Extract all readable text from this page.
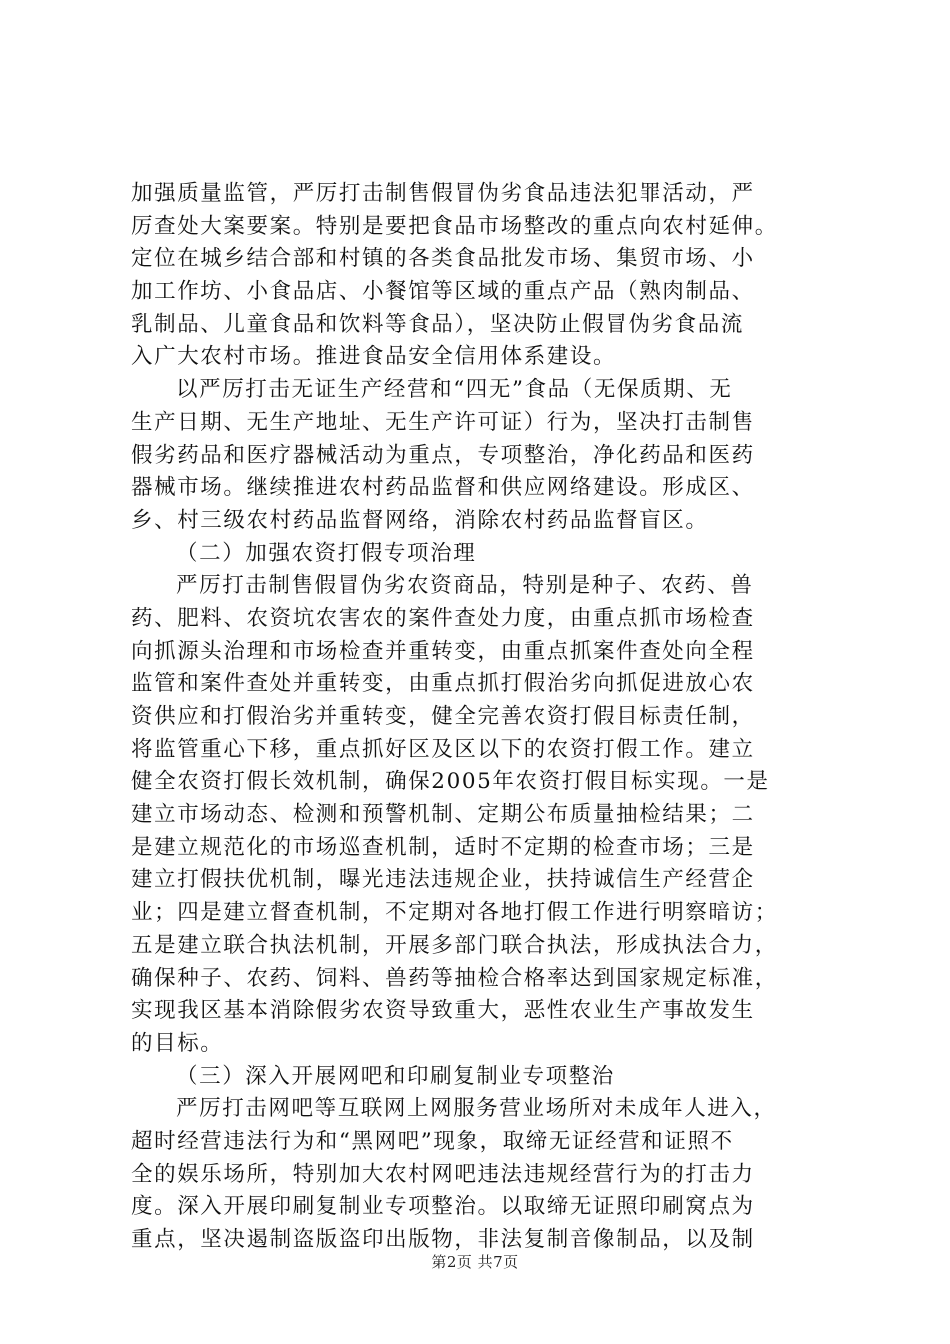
加强质量监管，严厉打击制售假冒伪劣食品违法犯罪活动，严
厉查处大案要案。特别是要把食品市场整改的重点向农村延伸。
定位在城乡结合部和村镇的各类食品批发市场、集贸市场、小
加工作坊、小食品店、小餐馆等区域的重点产品（熟肉制品、
乳制品、儿童食品和饮料等食品），坚决防止假冒伪劣食品流
入广大农村市场。推进食品安全信用体系建设。
以严厉打击无证生产经营和“四无”食品（无保质期、无
生产日期、无生产地址、无生产许可证）行为，坚决打击制售
假劣药品和医疗器械活动为重点，专项整治，净化药品和医药
器械市场。继续推进农村药品监督和供应网络建设。形成区、
乡、村三级农村药品监督网络，消除农村药品监督盲区。
（二）加强农资打假专项治理
严厉打击制售假冒伪劣农资商品，特别是种子、农药、兽
药、肥料、农资坑农害农的案件查处力度，由重点抓市场检查
向抓源头治理和市场检查并重转变，由重点抓案件查处向全程
监管和案件查处并重转变，由重点抓打假治劣向抓促进放心农
资供应和打假治劣并重转变，健全完善农资打假目标责任制，
将监管重心下移，重点抓好区及区以下的农资打假工作。建立
健全农资打假长效机制，确保2005年农资打假目标实现。一是
建立市场动态、检测和预警机制、定期公布质量抽检结果；二
是建立规范化的市场巡查机制，适时不定期的检查市场；三是
建立打假扶优机制，曝光违法违规企业，扶持诚信生产经营企
业；四是建立督查机制，不定期对各地打假工作进行明察暗访；
五是建立联合执法机制，开展多部门联合执法，形成执法合力，
确保种子、农药、饲料、兽药等抽检合格率达到国家规定标准，
实现我区基本消除假劣农资导致重大，恶性农业生产事故发生
的目标。
（三）深入开展网吧和印刷复制业专项整治
严厉打击网吧等互联网上网服务营业场所对未成年人进入，
超时经营违法行为和“黑网吧”现象，取缔无证经营和证照不
全的娱乐场所，特别加大农村网吧违法违规经营行为的打击力
度。深入开展印刷复制业专项整治。以取缔无证照印刷窝点为
重点，坚决遏制盗版盗印出版物，非法复制音像制品，以及制
第2页 共7页
